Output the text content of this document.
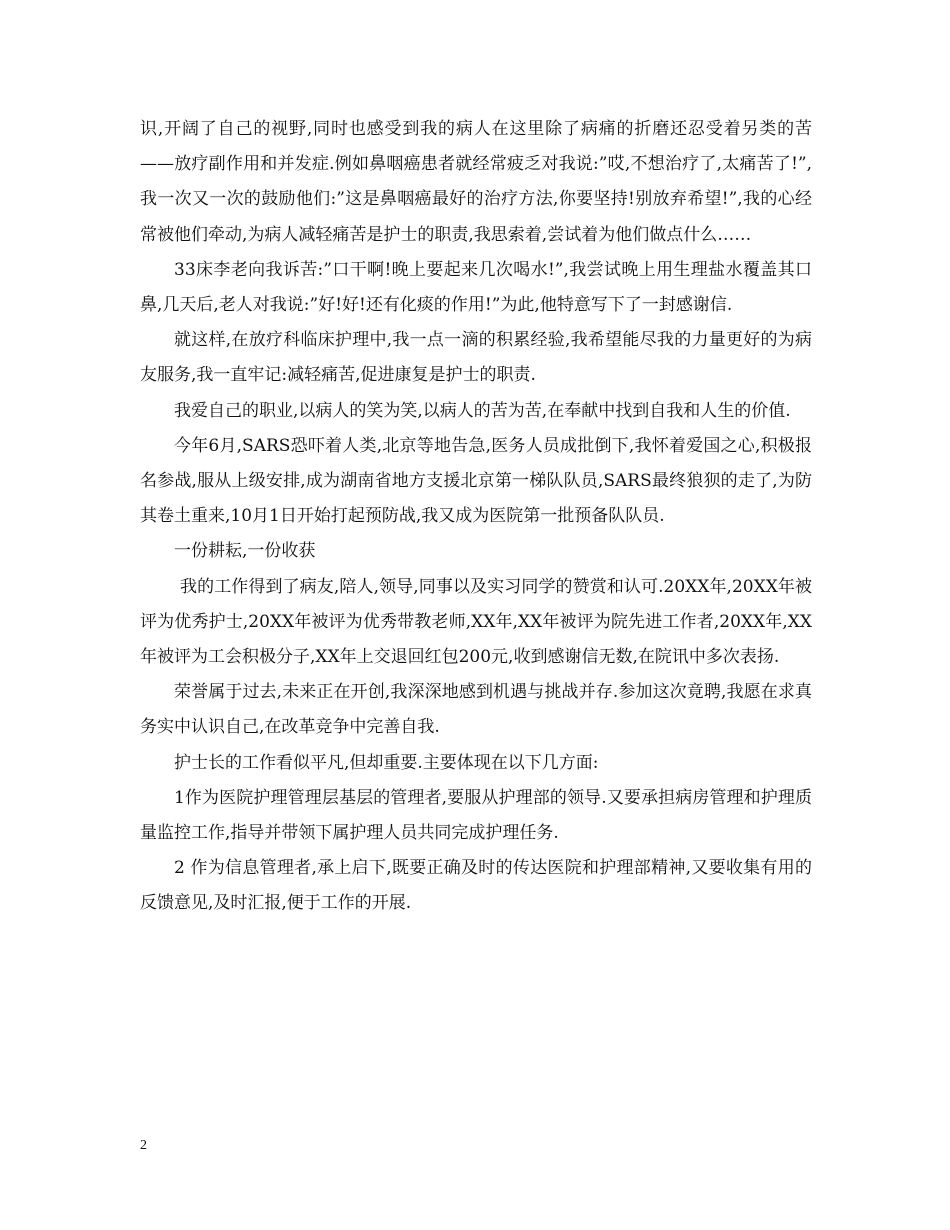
识,开阔了自己的视野,同时也感受到我的病人在这里除了病痛的折磨还忍受着另类的苦——放疗副作用和并发症.例如鼻咽癌患者就经常疲乏对我说:”哎,不想治疗了,太痛苦了!”,我一次又一次的鼓励他们:”这是鼻咽癌最好的治疗方法,你要坚持!别放弃希望!”,我的心经常被他们牵动,为病人减轻痛苦是护士的职责,我思索着,尝试着为他们做点什么……

33床李老向我诉苦:”口干啊!晚上要起来几次喝水!”,我尝试晚上用生理盐水覆盖其口鼻,几天后,老人对我说:”好!好!还有化痰的作用!”为此,他特意写下了一封感谢信.

就这样,在放疗科临床护理中,我一点一滴的积累经验,我希望能尽我的力量更好的为病友服务,我一直牢记:减轻痛苦,促进康复是护士的职责.

我爱自己的职业,以病人的笑为笑,以病人的苦为苦,在奉献中找到自我和人生的价值.

今年6月,SARS恐吓着人类,北京等地告急,医务人员成批倒下,我怀着爱国之心,积极报名参战,服从上级安排,成为湖南省地方支援北京第一梯队队员,SARS最终狼狈的走了,为防其卷土重来,10月1日开始打起预防战,我又成为医院第一批预备队队员.

一份耕耘,一份收获

我的工作得到了病友,陪人,领导,同事以及实习同学的赞赏和认可.20XX年,20XX年被评为优秀护士,20XX年被评为优秀带教老师,XX年,XX年被评为院先进工作者,20XX年,XX年被评为工会积极分子,XX年上交退回红包200元,收到感谢信无数,在院讯中多次表扬.

荣誉属于过去,未来正在开创,我深深地感到机遇与挑战并存.参加这次竟聘,我愿在求真务实中认识自己,在改革竞争中完善自我.

护士长的工作看似平凡,但却重要.主要体现在以下几方面:

1作为医院护理管理层基层的管理者,要服从护理部的领导.又要承担病房管理和护理质量监控工作,指导并带领下属护理人员共同完成护理任务.

2 作为信息管理者,承上启下,既要正确及时的传达医院和护理部精神,又要收集有用的反馈意见,及时汇报,便于工作的开展.

2
